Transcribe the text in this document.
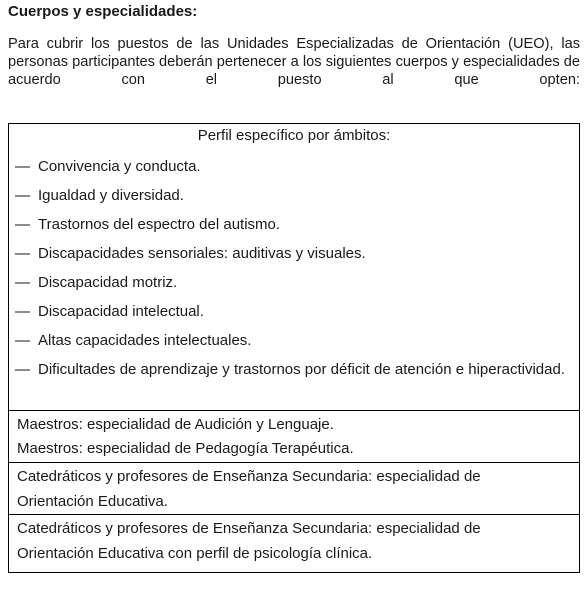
Cuerpos y especialidades:

Para cubrir los puestos de las Unidades Especializadas de Orientación (UEO), las personas participantes deberán pertenecer a los siguientes cuerpos y especialidades de acuerdo con el puesto al que opten:

Perfil específico por ámbitos:
— Convivencia y conducta.
— Igualdad y diversidad.
— Trastornos del espectro del autismo.
— Discapacidades sensoriales: auditivas y visuales.
— Discapacidad motriz.
— Discapacidad intelectual.
— Altas capacidades intelectuales.
— Dificultades de aprendizaje y trastornos por déficit de atención e hiperactividad.
Maestros: especialidad de Audición y Lenguaje.
Maestros: especialidad de Pedagogía Terapéutica.
Catedráticos y profesores de Enseñanza Secundaria: especialidad de
Orientación Educativa.
Catedráticos y profesores de Enseñanza Secundaria: especialidad de
Orientación Educativa con perfil de psicología clínica.
